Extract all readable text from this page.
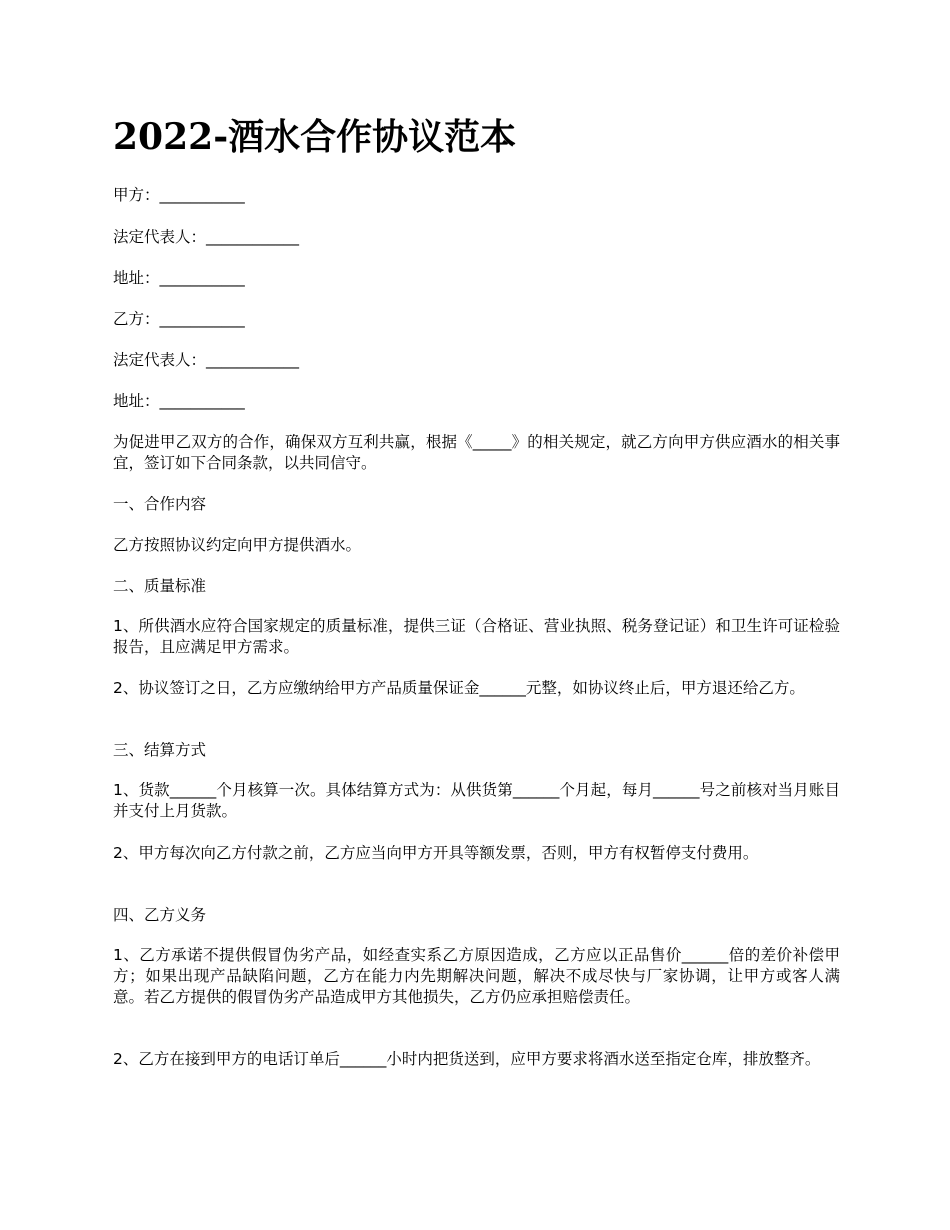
2022-酒水合作协议范本

甲方：___________

法定代表人：____________

地址：___________

乙方：___________

法定代表人：____________

地址：___________

为促进甲乙双方的合作，确保双方互利共赢，根据《_____》的相关规定，就乙方向甲方供应酒水的相关事宜，签订如下合同条款，以共同信守。

一、合作内容

乙方按照协议约定向甲方提供酒水。

二、质量标准

1、所供酒水应符合国家规定的质量标准，提供三证（合格证、营业执照、税务登记证）和卫生许可证检验报告，且应满足甲方需求。

2、协议签订之日，乙方应缴纳给甲方产品质量保证金______元整，如协议终止后，甲方退还给乙方。

三、结算方式

1、货款______个月核算一次。具体结算方式为：从供货第______个月起，每月______号之前核对当月账目并支付上月货款。

2、甲方每次向乙方付款之前，乙方应当向甲方开具等额发票，否则，甲方有权暂停支付费用。

四、乙方义务

1、乙方承诺不提供假冒伪劣产品，如经查实系乙方原因造成，乙方应以正品售价______倍的差价补偿甲方；如果出现产品缺陷问题，乙方在能力内先期解决问题，解决不成尽快与厂家协调，让甲方或客人满意。若乙方提供的假冒伪劣产品造成甲方其他损失，乙方仍应承担赔偿责任。

2、乙方在接到甲方的电话订单后______小时内把货送到，应甲方要求将酒水送至指定仓库，排放整齐。
